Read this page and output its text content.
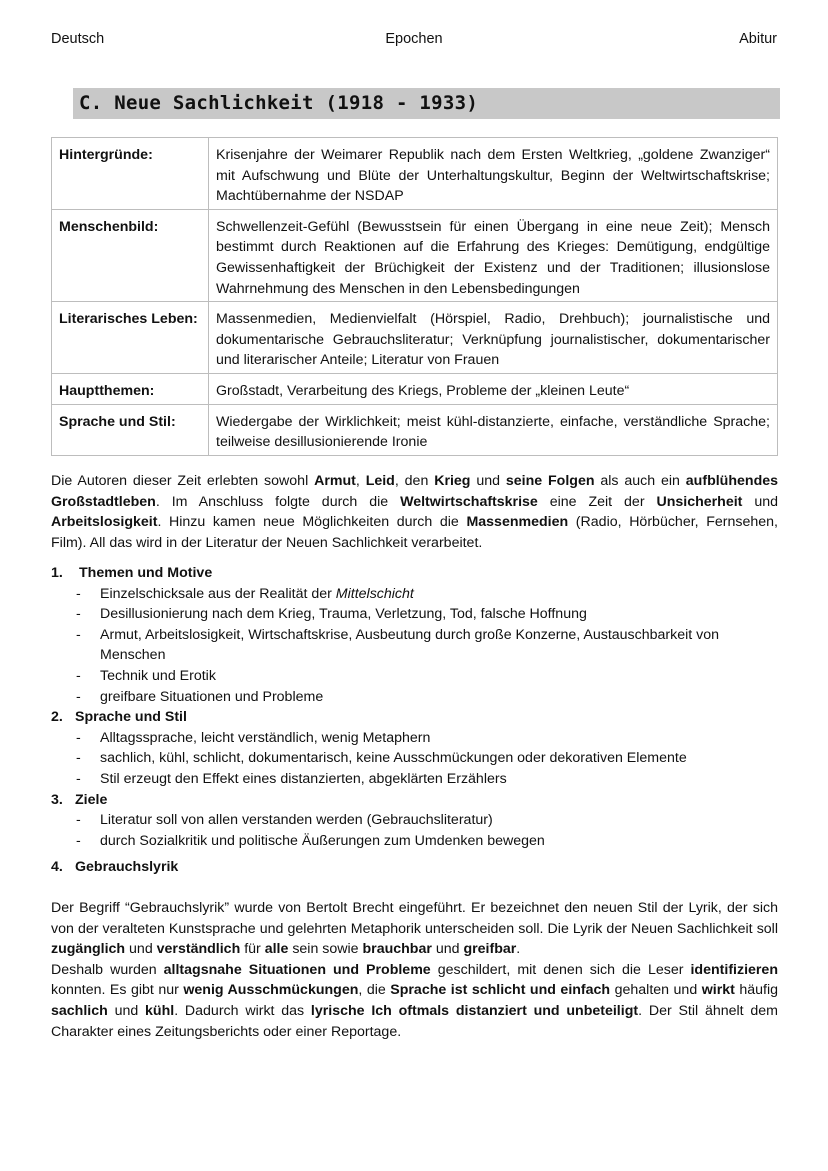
Deutsch	Epochen	Abitur
C. Neue Sachlichkeit (1918 - 1933)
Hintergründe:	Krisenjahre der Weimarer Republik nach dem Ersten Weltkrieg, „goldene Zwanziger“ mit Aufschwung und Blüte der Unterhaltungskultur, Beginn der Weltwirtschaftskrise; Machtübernahme der NSDAP
Menschenbild:	Schwellenzeit-Gefühl (Bewusstsein für einen Übergang in eine neue Zeit); Mensch bestimmt durch Reaktionen auf die Erfahrung des Krieges: Demütigung, endgültige Gewissenhaftigkeit der Brüchigkeit der Existenz und der Traditionen; illusionslose Wahrnehmung des Menschen in den Lebensbedingungen
Literarisches Leben:	Massenmedien, Medienvielfalt (Hörspiel, Radio, Drehbuch); journalistische und dokumentarische Gebrauchsliteratur; Verknüpfung journalistischer, dokumentarischer und literarischer Anteile; Literatur von Frauen
Hauptthemen:	Großstadt, Verarbeitung des Kriegs, Probleme der „kleinen Leute“
Sprache und Stil:	Wiedergabe der Wirklichkeit; meist kühl-distanzierte, einfache, verständliche Sprache; teilweise desillusionierende Ironie
Die Autoren dieser Zeit erlebten sowohl Armut, Leid, den Krieg und seine Folgen als auch ein aufblühendes Großstadtleben. Im Anschluss folgte durch die Weltwirtschaftskrise eine Zeit der Unsicherheit und Arbeitslosigkeit. Hinzu kamen neue Möglichkeiten durch die Massenmedien (Radio, Hörbücher, Fernsehen, Film). All das wird in der Literatur der Neuen Sachlichkeit verarbeitet.
1.	Themen und Motive
- Einzelschicksale aus der Realität der Mittelschicht
- Desillusionierung nach dem Krieg, Trauma, Verletzung, Tod, falsche Hoffnung
- Armut, Arbeitslosigkeit, Wirtschaftskrise, Ausbeutung durch große Konzerne, Austauschbarkeit von Menschen
- Technik und Erotik
- greifbare Situationen und Probleme
2. Sprache und Stil
- Alltagssprache, leicht verständlich, wenig Metaphern
- sachlich, kühl, schlicht, dokumentarisch, keine Ausschmückungen oder dekorativen Elemente
- Stil erzeugt den Effekt eines distanzierten, abgeklärten Erzählers
3. Ziele
- Literatur soll von allen verstanden werden (Gebrauchsliteratur)
- durch Sozialkritik und politische Äußerungen zum Umdenken bewegen
4. Gebrauchslyrik

Der Begriff “Gebrauchslyrik” wurde von Bertolt Brecht eingeführt. Er bezeichnet den neuen Stil der Lyrik, der sich von der veralteten Kunstsprache und gelehrten Metaphorik unterscheiden soll. Die Lyrik der Neuen Sachlichkeit soll zugänglich und verständlich für alle sein sowie brauchbar und greifbar.

Deshalb wurden alltagsnahe Situationen und Probleme geschildert, mit denen sich die Leser identifizieren konnten. Es gibt nur wenig Ausschmückungen, die Sprache ist schlicht und einfach gehalten und wirkt häufig sachlich und kühl. Dadurch wirkt das lyrische Ich oftmals distanziert und unbeteiligt. Der Stil ähnelt dem Charakter eines Zeitungsberichts oder einer Reportage.
